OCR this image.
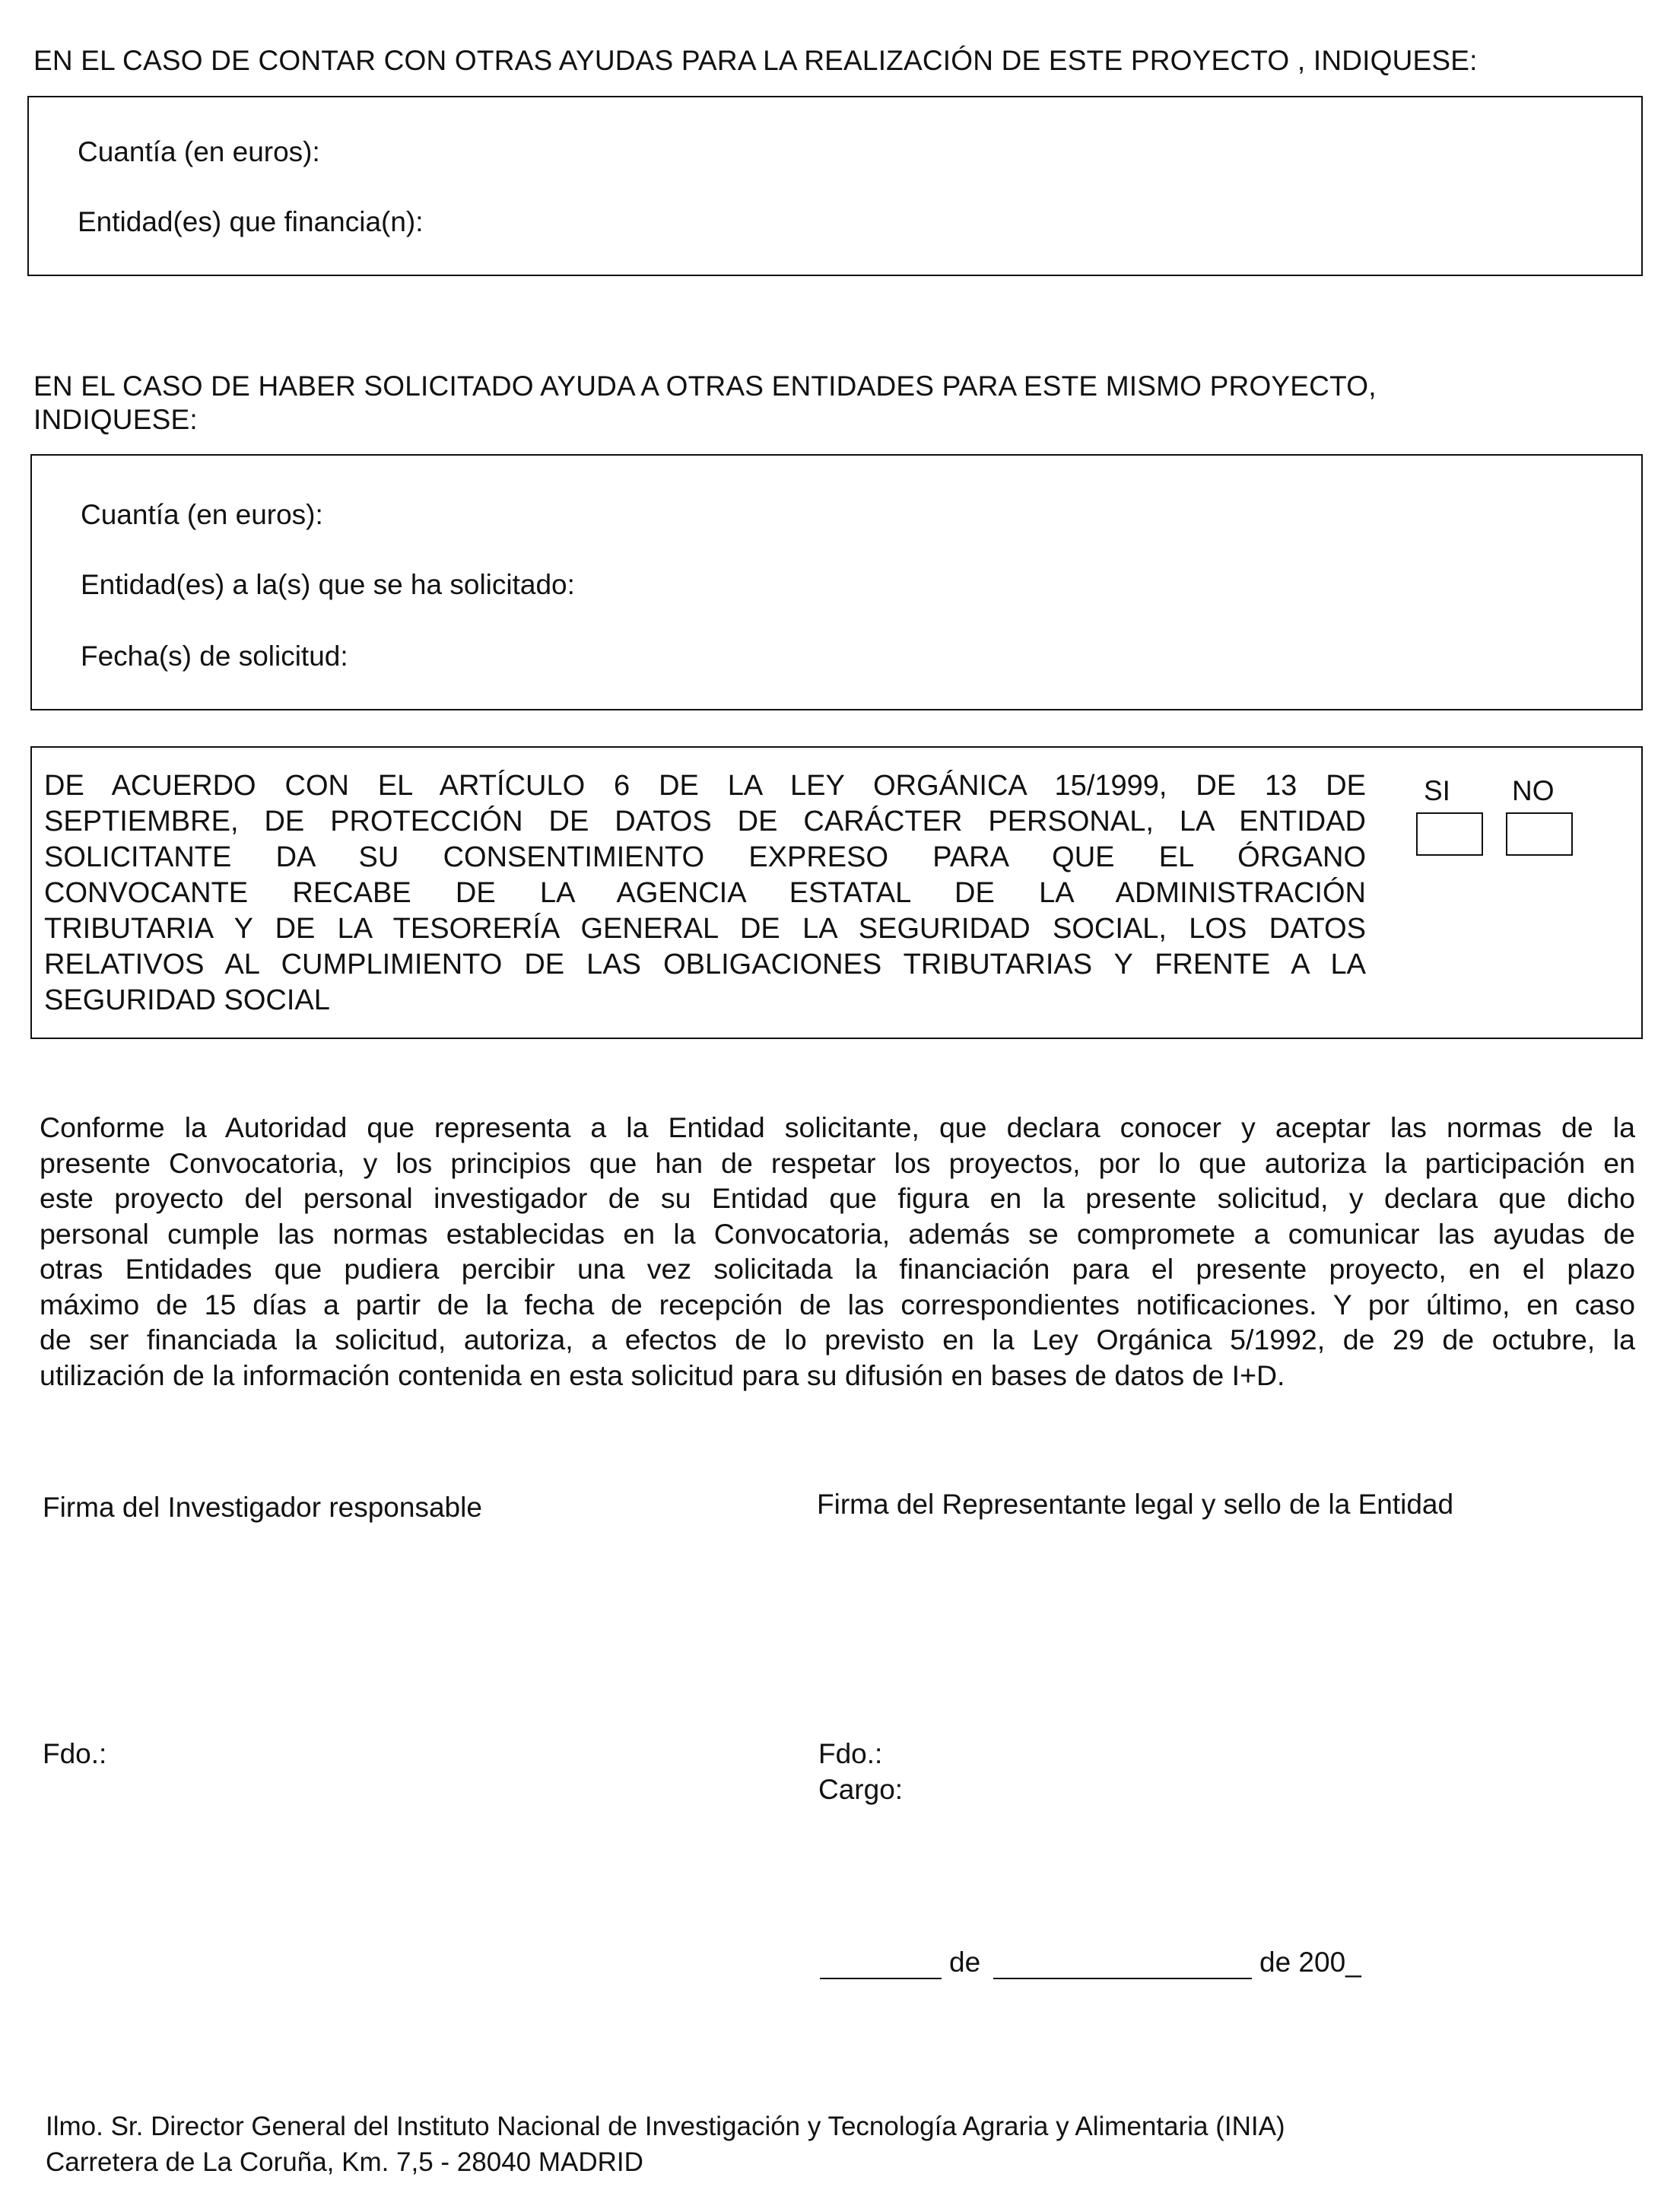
EN EL CASO DE CONTAR CON OTRAS AYUDAS PARA LA REALIZACIÓN DE ESTE PROYECTO , INDIQUESE:
Cuantía (en euros):
Entidad(es) que financia(n):
EN EL CASO DE HABER SOLICITADO AYUDA A OTRAS ENTIDADES PARA ESTE MISMO PROYECTO,
INDIQUESE:
Cuantía (en euros):
Entidad(es) a la(s) que se ha solicitado:
Fecha(s) de solicitud:
DE ACUERDO CON EL ARTÍCULO 6 DE LA LEY ORGÁNICA 15/1999, DE 13 DE
SEPTIEMBRE, DE PROTECCIÓN DE DATOS DE CARÁCTER PERSONAL, LA ENTIDAD
SOLICITANTE DA SU CONSENTIMIENTO EXPRESO PARA QUE EL ÓRGANO
CONVOCANTE RECABE DE LA AGENCIA ESTATAL DE LA ADMINISTRACIÓN
TRIBUTARIA Y DE LA TESORERÍA GENERAL DE LA SEGURIDAD SOCIAL, LOS DATOS
RELATIVOS AL CUMPLIMIENTO DE LAS OBLIGACIONES TRIBUTARIAS Y FRENTE A LA
SEGURIDAD SOCIAL
SI NO
Conforme la Autoridad que representa a la Entidad solicitante, que declara conocer y aceptar las normas de la
presente Convocatoria, y los principios que han de respetar los proyectos, por lo que autoriza la participación en
este proyecto del personal investigador de su Entidad que figura en la presente solicitud, y declara que dicho
personal cumple las normas establecidas en la Convocatoria, además se compromete a comunicar las ayudas de
otras Entidades que pudiera percibir una vez solicitada la financiación para el presente proyecto, en el plazo
máximo de 15 días a partir de la fecha de recepción de las correspondientes notificaciones. Y por último, en caso
de ser financiada la solicitud, autoriza, a efectos de lo previsto en la Ley Orgánica 5/1992, de 29 de octubre, la
utilización de la información contenida en esta solicitud para su difusión en bases de datos de I+D.
Firma del Investigador responsable	Firma del Representante legal y sello de la Entidad
Fdo.:	Fdo.:
Cargo:
de	de 200_
Ilmo. Sr. Director General del Instituto Nacional de Investigación y Tecnología Agraria y Alimentaria (INIA)
Carretera de La Coruña, Km. 7,5 - 28040 MADRID
